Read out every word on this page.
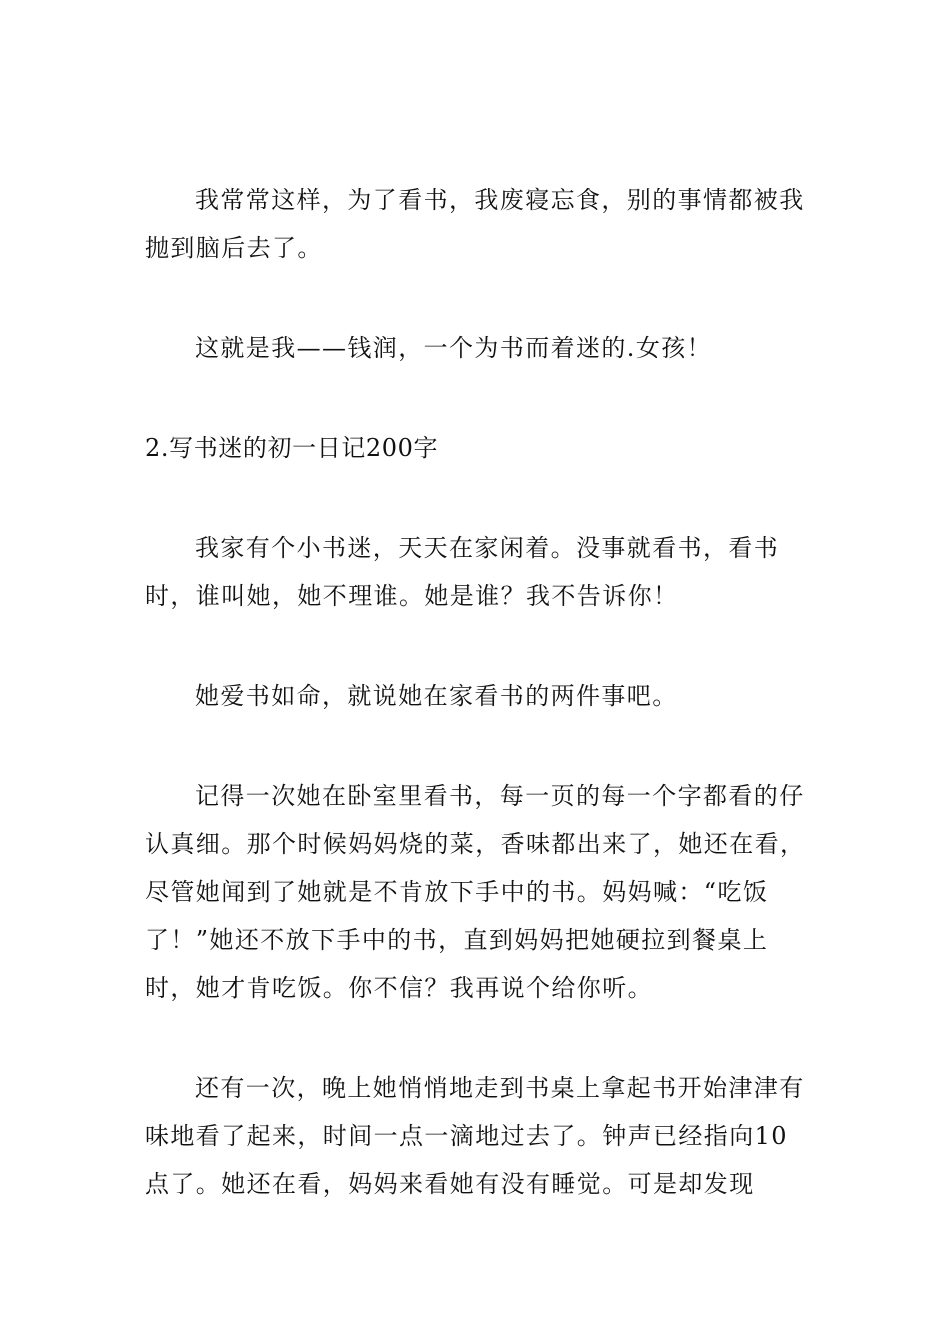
我常常这样，为了看书，我废寝忘食，别的事情都被我抛到脑后去了。

这就是我——钱润，一个为书而着迷的.女孩！

2.写书迷的初一日记200字

我家有个小书迷，天天在家闲着。没事就看书，看书时，谁叫她，她不理谁。她是谁？我不告诉你！

她爱书如命，就说她在家看书的两件事吧。

记得一次她在卧室里看书，每一页的每一个字都看的仔认真细。那个时候妈妈烧的菜，香味都出来了，她还在看，尽管她闻到了她就是不肯放下手中的书。妈妈喊：“吃饭了！”她还不放下手中的书，直到妈妈把她硬拉到餐桌上时，她才肯吃饭。你不信？我再说个给你听。

还有一次，晚上她悄悄地走到书桌上拿起书开始津津有味地看了起来，时间一点一滴地过去了。钟声已经指向10点了。她还在看，妈妈来看她有没有睡觉。可是却发现
